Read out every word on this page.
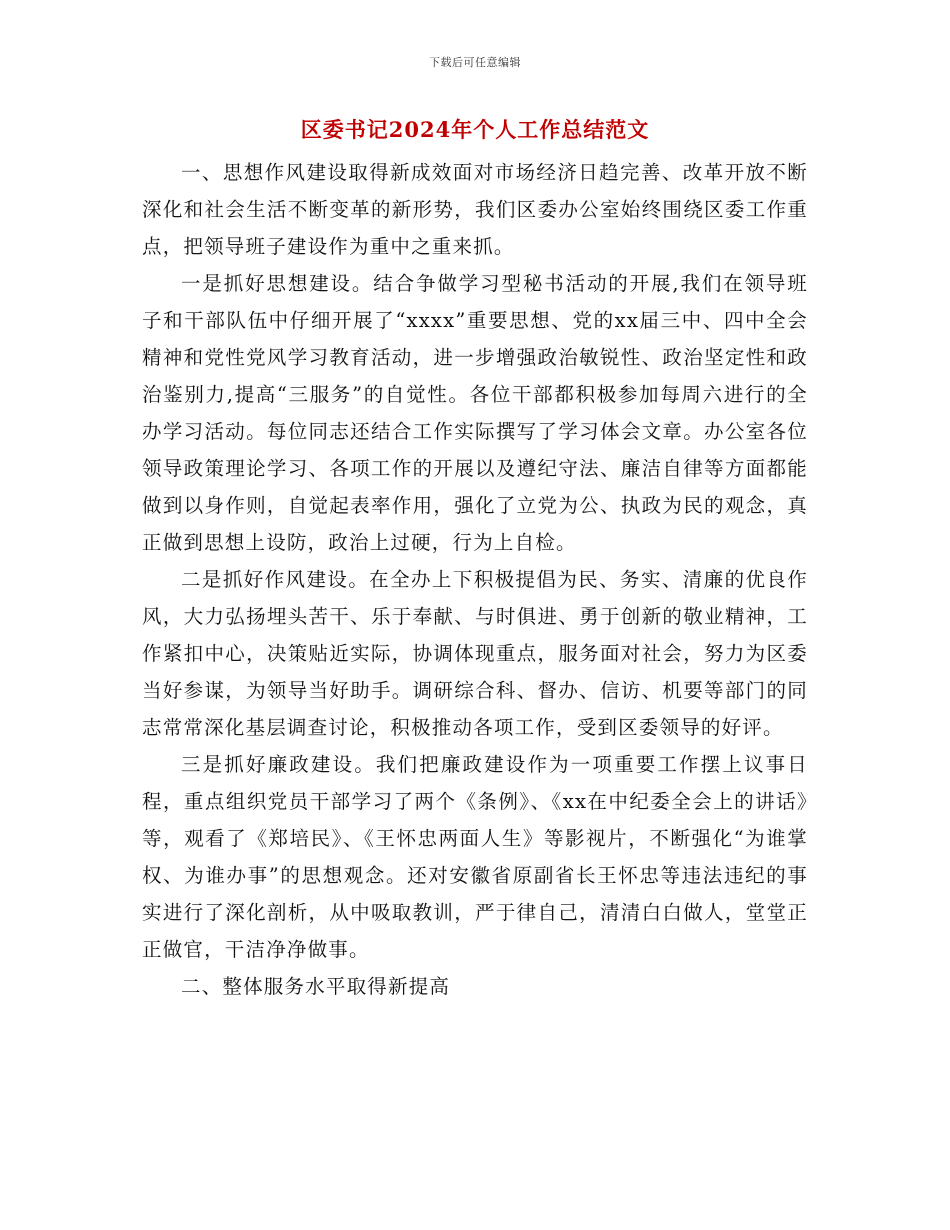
下载后可任意编辑
区委书记2024年个人工作总结范文

一、思想作风建设取得新成效面对市场经济日趋完善、改革开放不断深化和社会生活不断变革的新形势，我们区委办公室始终围绕区委工作重点，把领导班子建设作为重中之重来抓。

一是抓好思想建设。结合争做学习型秘书活动的开展,我们在领导班子和干部队伍中仔细开展了“xxxx”重要思想、党的xx届三中、四中全会精神和党性党风学习教育活动，进一步增强政治敏锐性、政治坚定性和政治鉴别力,提高“三服务”的自觉性。各位干部都积极参加每周六进行的全办学习活动。每位同志还结合工作实际撰写了学习体会文章。办公室各位领导政策理论学习、各项工作的开展以及遵纪守法、廉洁自律等方面都能做到以身作则，自觉起表率作用，强化了立党为公、执政为民的观念，真正做到思想上设防，政治上过硬，行为上自检。

二是抓好作风建设。在全办上下积极提倡为民、务实、清廉的优良作风，大力弘扬埋头苦干、乐于奉献、与时俱进、勇于创新的敬业精神，工作紧扣中心，决策贴近实际，协调体现重点，服务面对社会，努力为区委当好参谋，为领导当好助手。调研综合科、督办、信访、机要等部门的同志常常深化基层调查讨论，积极推动各项工作，受到区委领导的好评。

三是抓好廉政建设。我们把廉政建设作为一项重要工作摆上议事日程，重点组织党员干部学习了两个《条例》、《xx在中纪委全会上的讲话》等，观看了《郑培民》、《王怀忠两面人生》等影视片，不断强化“为谁掌权、为谁办事”的思想观念。还对安徽省原副省长王怀忠等违法违纪的事实进行了深化剖析，从中吸取教训，严于律自己，清清白白做人，堂堂正正做官，干洁净净做事。

二、整体服务水平取得新提高
